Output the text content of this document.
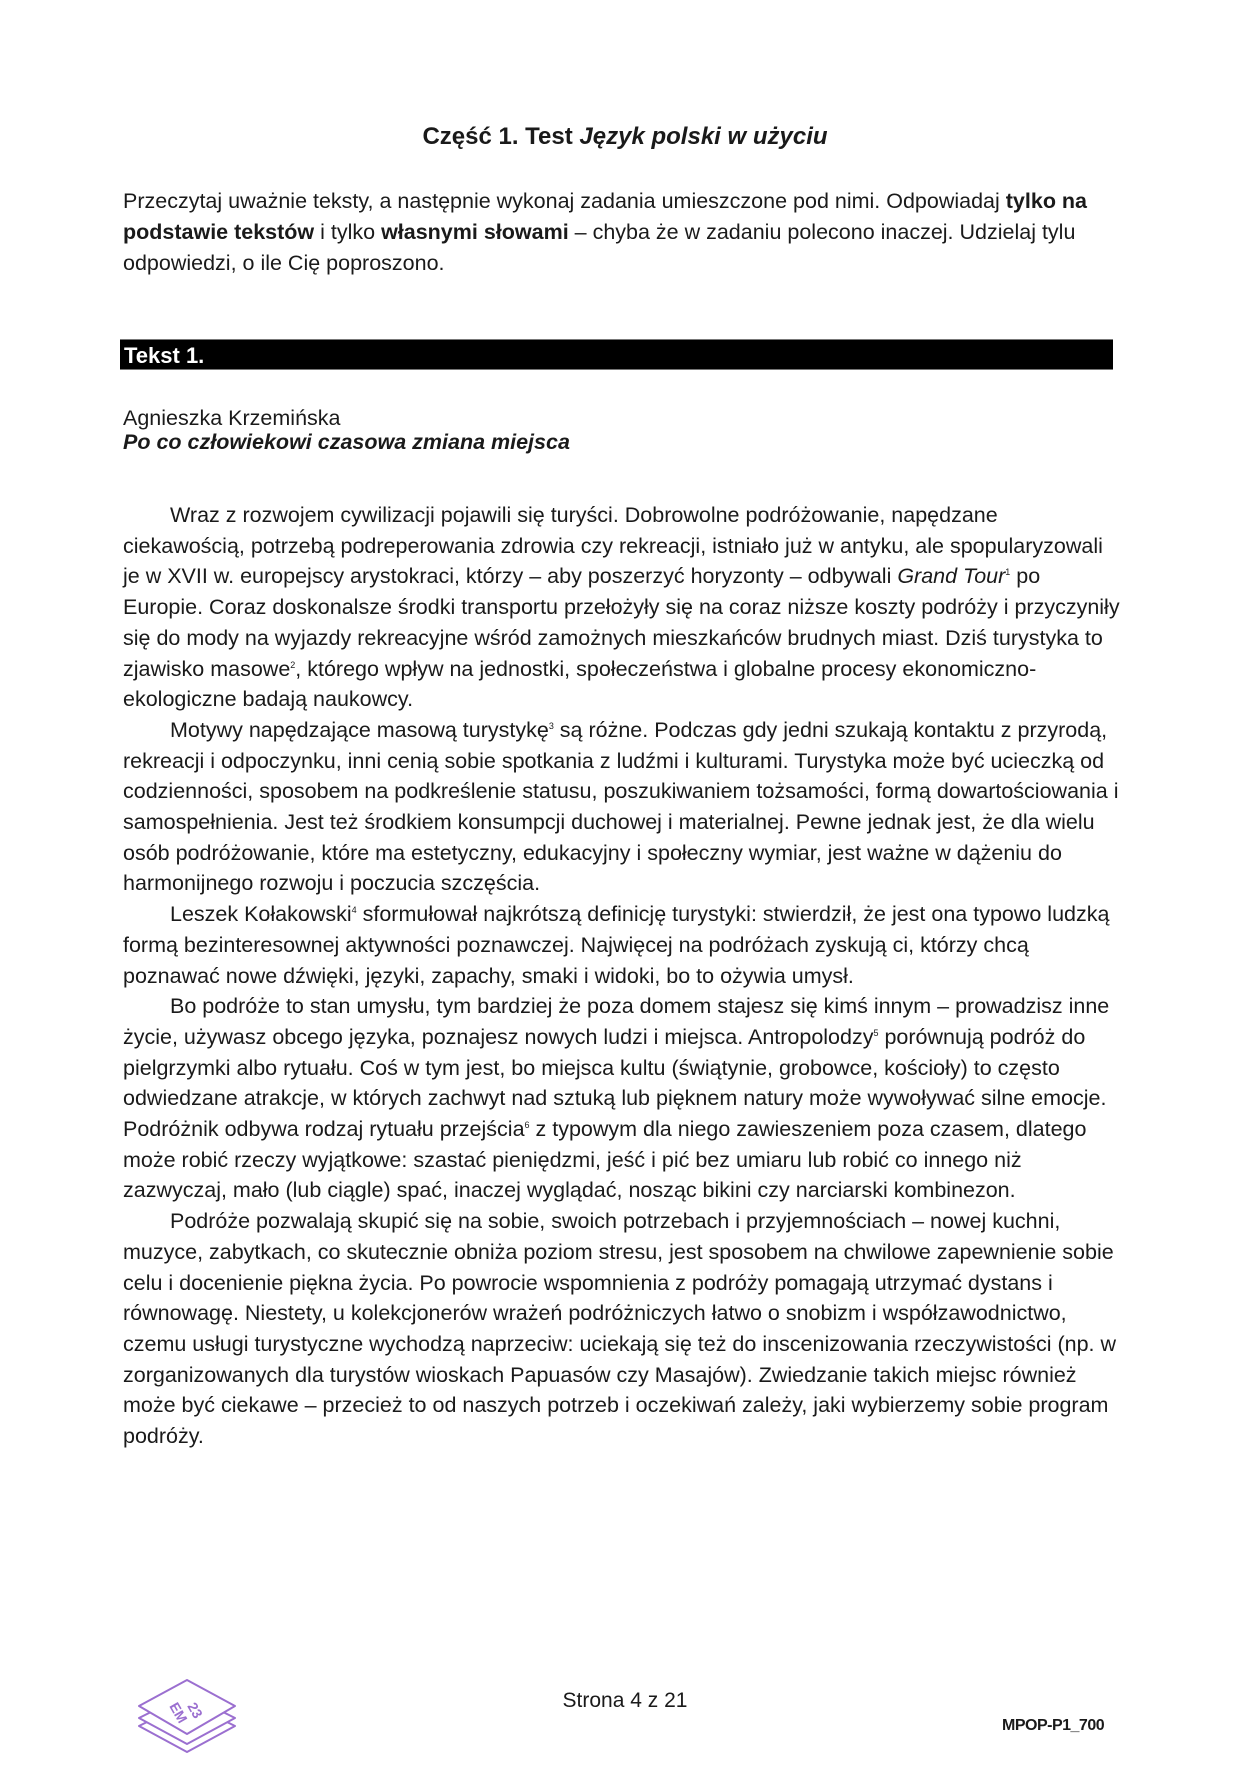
Część 1. Test Język polski w użyciu
Przeczytaj uważnie teksty, a następnie wykonaj zadania umieszczone pod nimi. Odpowiadaj tylko na podstawie tekstów i tylko własnymi słowami – chyba że w zadaniu polecono inaczej. Udzielaj tylu odpowiedzi, o ile Cię poproszono.
Tekst 1.
Agnieszka Krzemińska
Po co człowiekowi czasowa zmiana miejsca

Wraz z rozwojem cywilizacji pojawili się turyści. Dobrowolne podróżowanie, napędzane ciekawością, potrzebą podreperowania zdrowia czy rekreacji, istniało już w antyku, ale spopularyzowali je w XVII w. europejscy arystokraci, którzy – aby poszerzyć horyzonty – odbywali Grand Tour$^1$ po Europie. Coraz doskonalsze środki transportu przełożyły się na coraz niższe koszty podróży i przyczyniły się do mody na wyjazdy rekreacyjne wśród zamożnych mieszkańców brudnych miast. Dziś turystyka to zjawisko masowe$^2$, którego wpływ na jednostki, społeczeństwa i globalne procesy ekonomiczno-ekologiczne badają naukowcy.

Motywy napędzające masową turystykę$^3$ są różne. Podczas gdy jedni szukają kontaktu z przyrodą, rekreacji i odpoczynku, inni cenią sobie spotkania z ludźmi i kulturami. Turystyka może być ucieczką od codzienności, sposobem na podkreślenie statusu, poszukiwaniem tożsamości, formą dowartościowania i samospełnienia. Jest też środkiem konsumpcji duchowej i materialnej. Pewne jednak jest, że dla wielu osób podróżowanie, które ma estetyczny, edukacyjny i społeczny wymiar, jest ważne w dążeniu do harmonijnego rozwoju i poczucia szczęścia.

Leszek Kołakowski$^4$ sformułował najkrótszą definicję turystyki: stwierdził, że jest ona typowo ludzką formą bezinteresownej aktywności poznawczej. Najwięcej na podróżach zyskują ci, którzy chcą poznawać nowe dźwięki, języki, zapachy, smaki i widoki, bo to ożywia umysł.

Bo podróże to stan umysłu, tym bardziej że poza domem stajesz się kimś innym – prowadzisz inne życie, używasz obcego języka, poznajesz nowych ludzi i miejsca. Antropolodzy$^5$ porównują podróż do pielgrzymki albo rytuału. Coś w tym jest, bo miejsca kultu (świątynie, grobowce, kościoły) to często odwiedzane atrakcje, w których zachwyt nad sztuką lub pięknem natury może wywoływać silne emocje. Podróżnik odbywa rodzaj rytuału przejścia$^6$ z typowym dla niego zawieszeniem poza czasem, dlatego może robić rzeczy wyjątkowe: szastać pieniędzmi, jeść i pić bez umiaru lub robić co innego niż zazwyczaj, mało (lub ciągle) spać, inaczej wyglądać, nosząc bikini czy narciarski kombinezon.

Podróże pozwalają skupić się na sobie, swoich potrzebach i przyjemnościach – nowej kuchni, muzyce, zabytkach, co skutecznie obniża poziom stresu, jest sposobem na chwilowe zapewnienie sobie celu i docenienie piękna życia. Po powrocie wspomnienia z podróży pomagają utrzymać dystans i równowagę. Niestety, u kolekcjonerów wrażeń podróżniczych łatwo o snobizm i współzawodnictwo, czemu usługi turystyczne wychodzą naprzeciw: uciekają się też do inscenizowania rzeczywistości (np. w zorganizowanych dla turystów wioskach Papuasów czy Masajów). Zwiedzanie takich miejsc również może być ciekawe – przecież to od naszych potrzeb i oczekiwań zależy, jaki wybierzemy sobie program podróży.

EM
23	Strona 4 z 21
MPOP-P1_700
